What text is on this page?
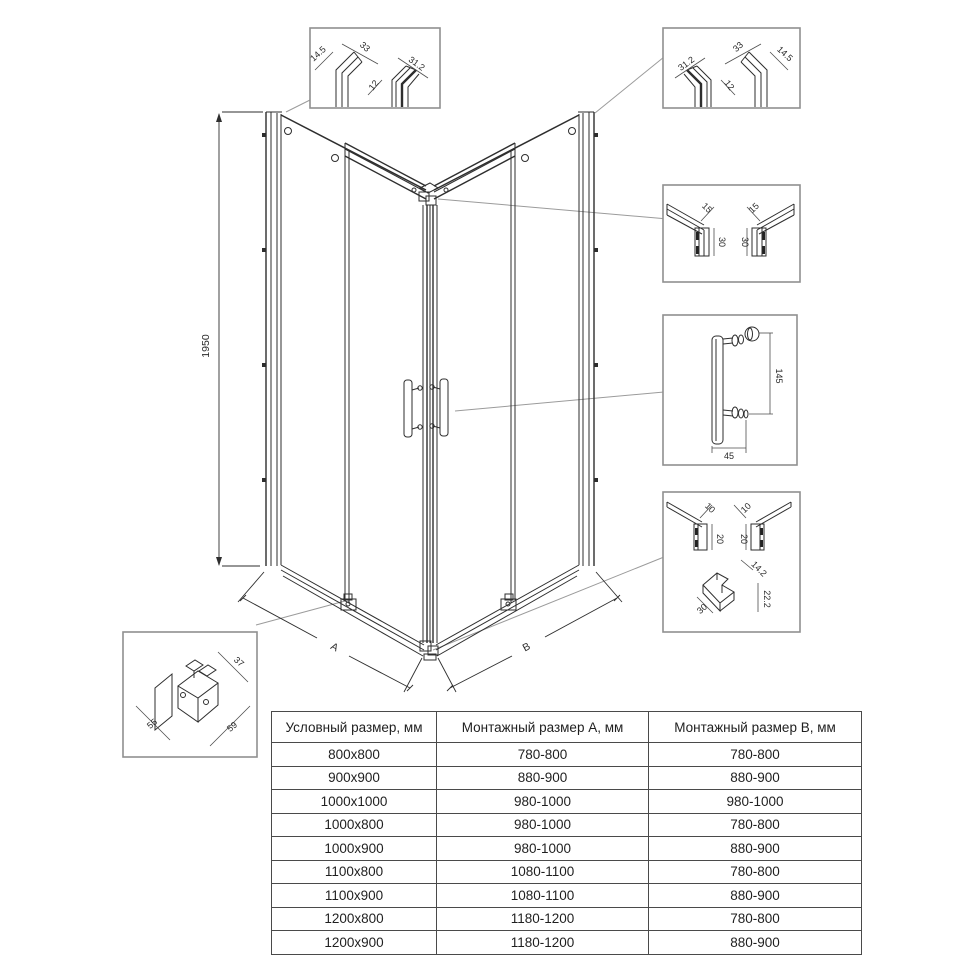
1950
A	B
14.5	33
12
31.2	31.2
12
33	14.5
15
30 30
15
145
45
10
20 20
10
14.2
22.2
30
37
55	59	Условный размер, мм	Монтажный размер A, мм	Монтажный размер B, мм
800x800	780-800	780-800
900x900	880-900	880-900
1000x1000	980-1000	980-1000
1000x800	980-1000	780-800
1000x900	980-1000	880-900
1100x800	1080-1100	780-800
1100x900	1080-1100	880-900
1200x800	1180-1200	780-800
1200x900	1180-1200	880-900
